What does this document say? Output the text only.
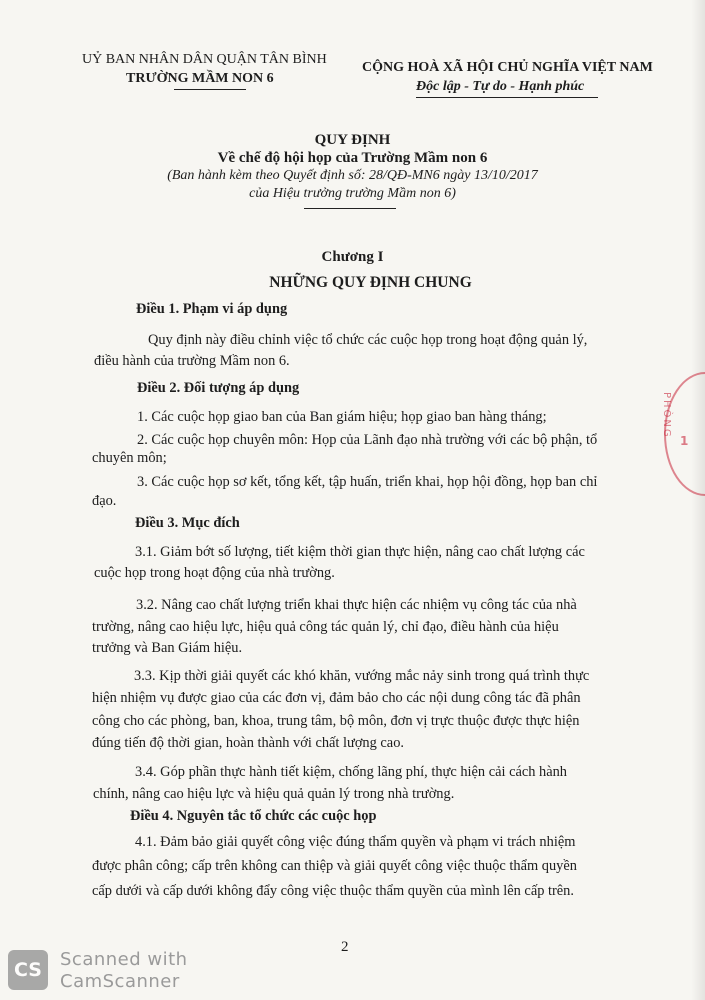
UỶ BAN NHÂN DÂN QUẬN TÂN BÌNH
TRƯỜNG MẦM NON 6
CỘNG HOÀ XÃ HỘI CHỦ NGHĨA VIỆT NAM
Độc lập - Tự do - Hạnh phúc
QUY ĐỊNH
Về chế độ hội họp của Trường Mầm non 6
(Ban hành kèm theo Quyết định số: 28/QĐ-MN6 ngày 13/10/2017
của Hiệu trưởng trường Mầm non 6)
Chương I
NHỮNG QUY ĐỊNH CHUNG
Điều 1. Phạm vi áp dụng
Quy định này điều chỉnh việc tổ chức các cuộc họp trong hoạt động quản lý,
điều hành của trường Mầm non 6.
Điều 2. Đối tượng áp dụng
1. Các cuộc họp giao ban của Ban giám hiệu; họp giao ban hàng tháng;
2. Các cuộc họp chuyên môn: Họp của Lãnh đạo nhà trường với các bộ phận, tổ
chuyên môn;
3. Các cuộc họp sơ kết, tổng kết, tập huấn, triển khai, họp hội đồng, họp ban chỉ
đạo.
Điều 3. Mục đích
3.1. Giảm bớt số lượng, tiết kiệm thời gian thực hiện, nâng cao chất lượng các
cuộc họp trong hoạt động của nhà trường.
3.2. Nâng cao chất lượng triển khai thực hiện các nhiệm vụ công tác của nhà
trường, nâng cao hiệu lực, hiệu quả công tác quản lý, chỉ đạo, điều hành của hiệu
trưởng và Ban Giám hiệu.
3.3. Kịp thời giải quyết các khó khăn, vướng mắc nảy sinh trong quá trình thực
hiện nhiệm vụ được giao của các đơn vị, đảm bảo cho các nội dung công tác đã phân
công cho các phòng, ban, khoa, trung tâm, bộ môn, đơn vị trực thuộc được thực hiện
đúng tiến độ thời gian, hoàn thành với chất lượng cao.
3.4. Góp phần thực hành tiết kiệm, chống lãng phí, thực hiện cải cách hành
chính, nâng cao hiệu lực và hiệu quả quản lý trong nhà trường.
Điều 4. Nguyên tắc tổ chức các cuộc họp
4.1. Đảm bảo giải quyết công việc đúng thẩm quyền và phạm vi trách nhiệm
được phân công; cấp trên không can thiệp và giải quyết công việc thuộc thẩm quyền
cấp dưới và cấp dưới không đẩy công việc thuộc thẩm quyền của mình lên cấp trên.
2
PHÒNG
1
CS	Scanned with
CamScanner
